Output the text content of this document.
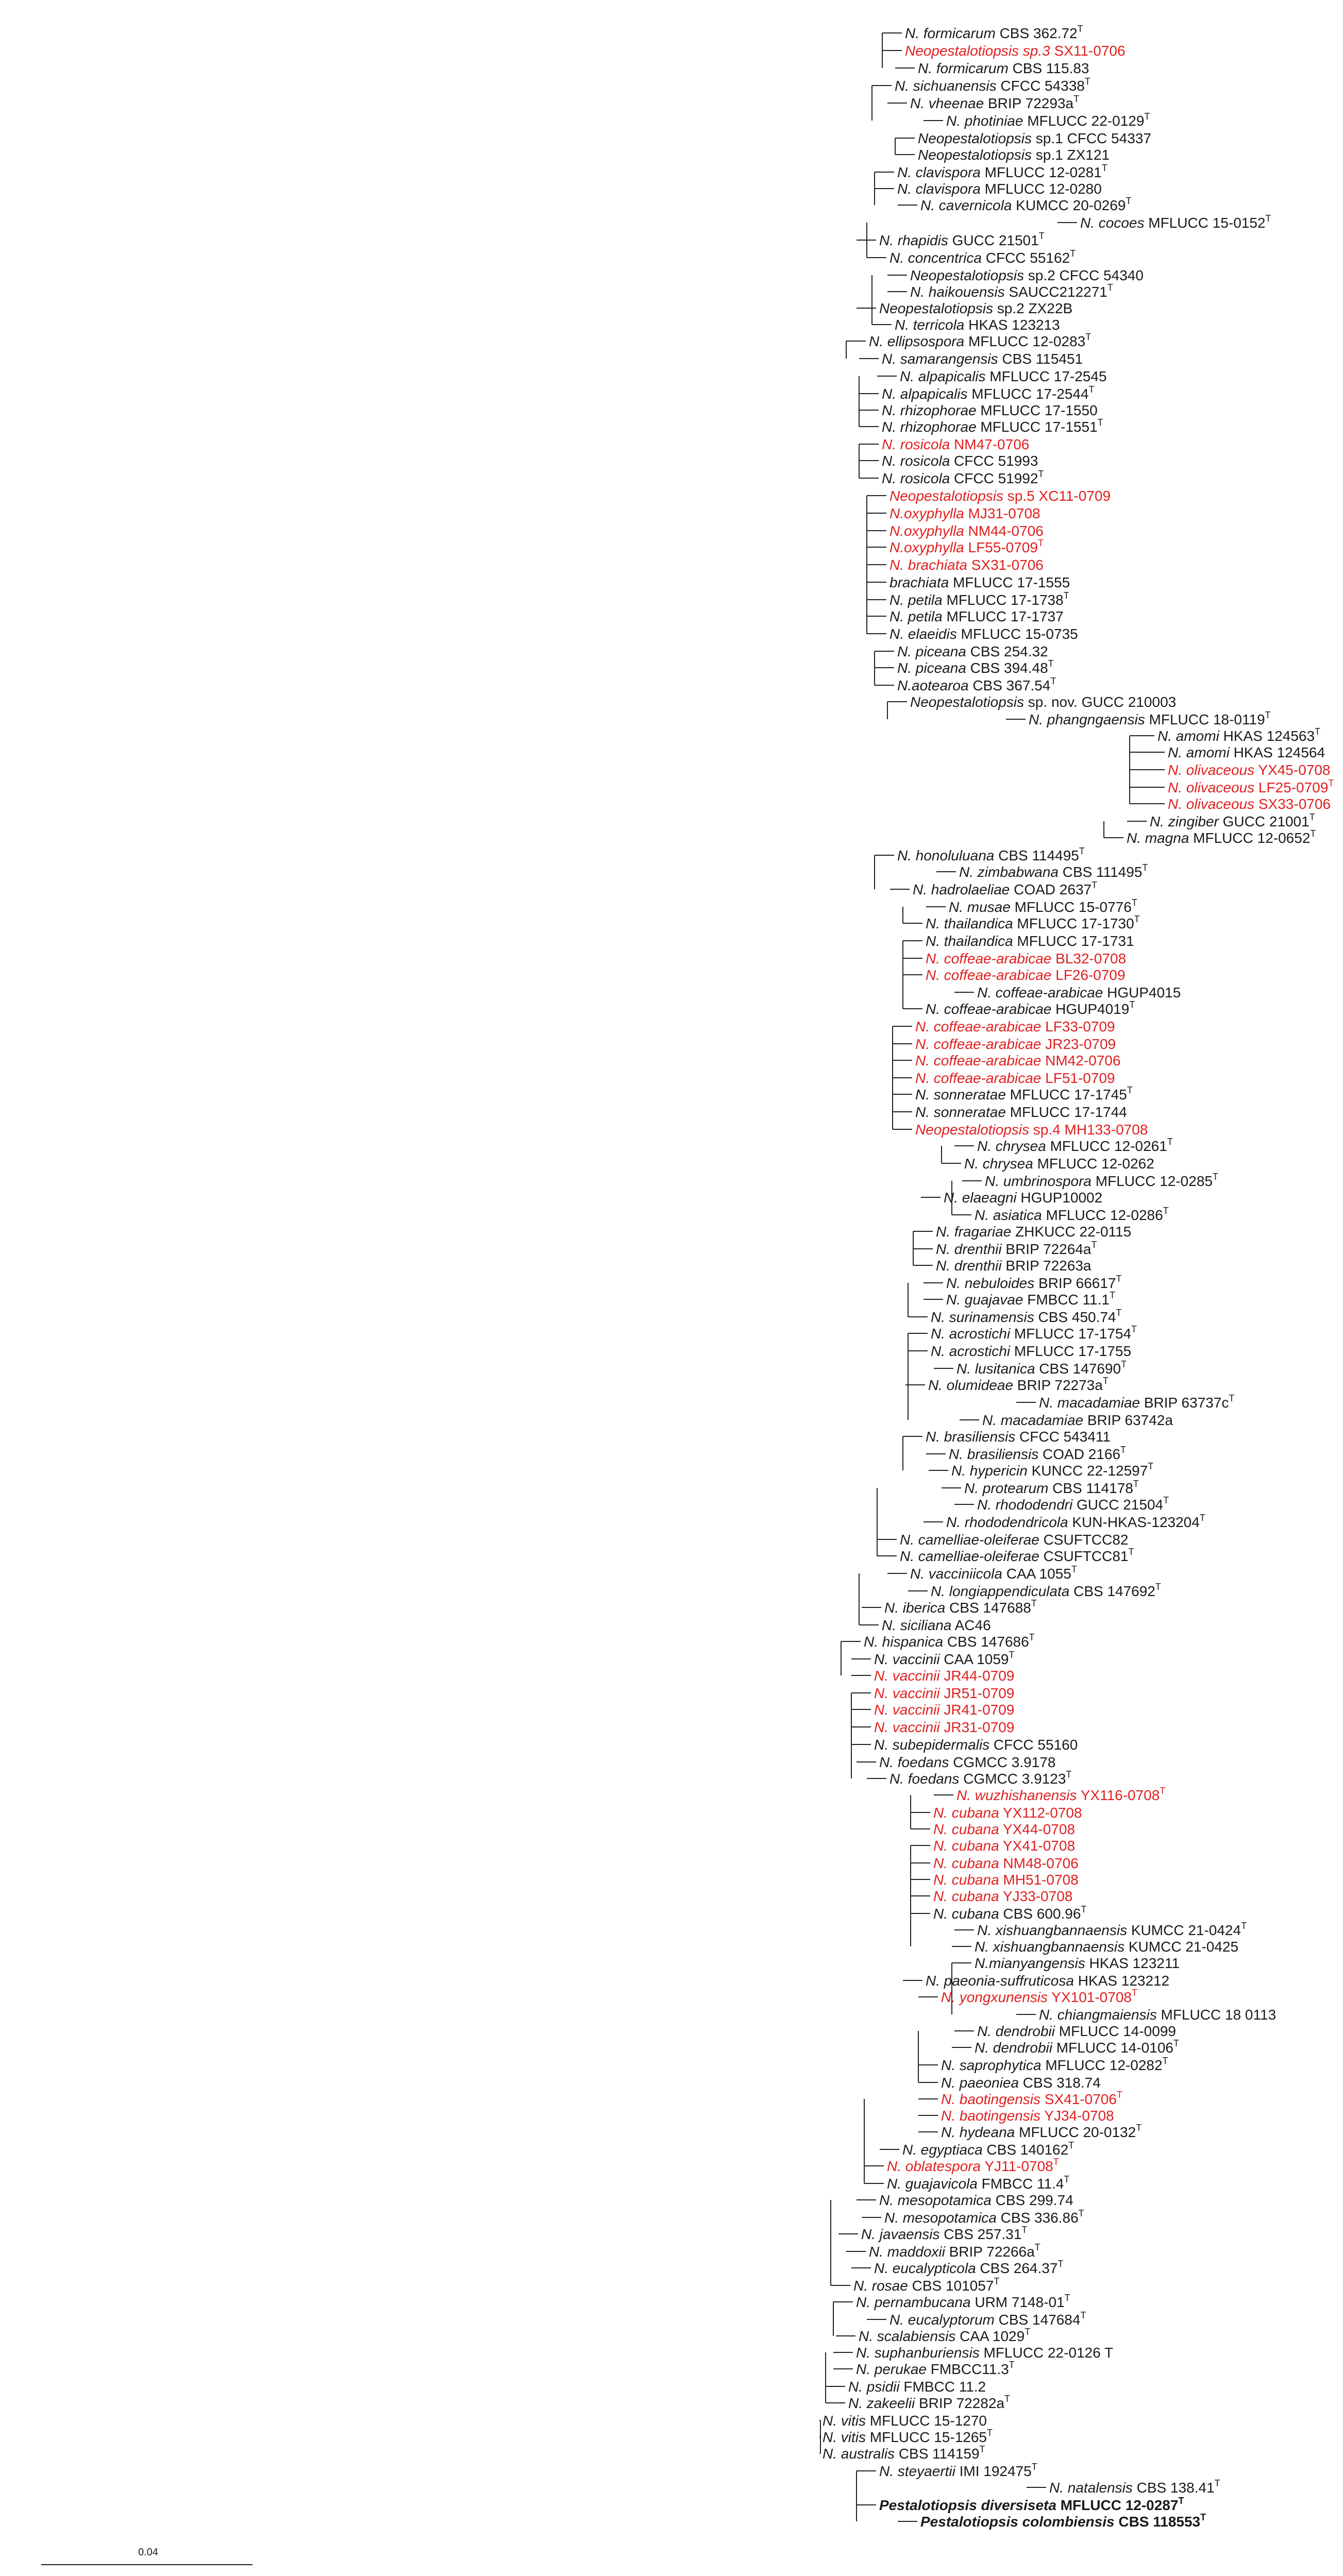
N. formicarum CBS $362.72^T$
Neopestalotiopsis sp.3 SX11-0706
N. formicarum CBS 115.83
N. sichuanensis CFCC $54338^T$
N. vheenae BRIP $72293a^T$
N. photiniae MFLUCC $22-0129^T$
Neopestalotiopsis sp.1 CFCC 54337
Neopestalotiopsis sp.1 ZX121
N. clavispora MFLUCC $12-0281^T$
N. clavispora MFLUCC 12-0280
N. cavernicola KUMCC $20-0269^T$
N. cocoes MFLUCC $15-0152^T$
N. rhapidis GUCC $21501^T$
N. concentrica CFCC $55162^T$
Neopestalotiopsis sp.2 CFCC 54340
N. haikouensis $SAUCC212271^T$
Neopestalotiopsis sp.2 ZX22B
N. terricola HKAS 123213
N. ellipsospora MFLUCC $12-0283^T$
N. samarangensis CBS 115451
N. alpapicalis MFLUCC 17-2545
N. alpapicalis MFLUCC $17-2544^T$
N. rhizophorae MFLUCC 17-1550
N. rhizophorae MFLUCC $17-1551^T$
N. rosicola NM47-0706
N. rosicola CFCC 51993
N. rosicola CFCC $51992^T$
Neopestalotiopsis sp.5 XC11-0709
N.oxyphylla MJ31-0708
N.oxyphylla NM44-0706
N.oxyphylla $LF55-0709^T$
N. brachiata SX31-0706
brachiata MFLUCC 17-1555
N. petila MFLUCC $17-1738^T$
N. petila MFLUCC 17-1737
N. elaeidis MFLUCC 15-0735
N. piceana CBS 254.32
N. piceana CBS $394.48^T$
N.aotearoa CBS $367.54^T$
Neopestalotiopsis sp. nov. GUCC 210003
N. phangngaensis MFLUCC $18-0119^T$
N. amomi HKAS $124563^T$
N. amomi HKAS 124564
N. olivaceous YX45-0708
N. olivaceous $LF25-0709^T$
N. olivaceous SX33-0706
N. zingiber GUCC $21001^T$
N. magna MFLUCC $12-0652^T$
N. honoluluana CBS $114495^T$
N. zimbabwana CBS $111495^T$
N. hadrolaeliae COAD $2637^T$
N. musae MFLUCC $15-0776^T$
N. thailandica MFLUCC $17-1730^T$
N. thailandica MFLUCC 17-1731
N. coffeae-arabicae BL32-0708
N. coffeae-arabicae LF26-0709
N. coffeae-arabicae HGUP4015
N. coffeae-arabicae $HGUP4019^T$
N. coffeae-arabicae LF33-0709
N. coffeae-arabicae JR23-0709
N. coffeae-arabicae NM42-0706
N. coffeae-arabicae LF51-0709
N. sonneratae MFLUCC $17-1745^T$
N. sonneratae MFLUCC 17-1744
Neopestalotiopsis sp.4 MH133-0708
N. chrysea MFLUCC $12-0261^T$
N. chrysea MFLUCC 12-0262
N. umbrinospora MFLUCC $12-0285^T$
N. elaeagni HGUP10002
N. asiatica MFLUCC $12-0286^T$
N. fragariae ZHKUCC 22-0115
N. drenthii BRIP $72264a^T$
N. drenthii BRIP 72263a
N. nebuloides BRIP $66617^T$
N. guajavae FMBCC $11.1^T$
N. surinamensis CBS $450.74^T$
N. acrostichi MFLUCC $17-1754^T$
N. acrostichi MFLUCC 17-1755
N. lusitanica CBS $147690^T$
N. olumideae BRIP $72273a^T$
N. macadamiae BRIP $63737c^T$
N. macadamiae BRIP 63742a
N. brasiliensis CFCC 543411
N. brasiliensis COAD $2166^T$
N. hypericin KUNCC $22-12597^T$
N. protearum CBS $114178^T$
N. rhododendri GUCC $21504^T$
N. rhododendricola KUN-$HKAS-123204^T$
N. camelliae-oleiferae CSUFTCC82
N. camelliae-oleiferae $CSUFTCC81^T$
N. vacciniicola CAA $1055^T$
N. longiappendiculata CBS $147692^T$
N. iberica CBS $147688^T$
N. siciliana AC46
N. hispanica CBS $147686^T$
N. vaccinii CAA $1059^T$
N. vaccinii JR44-0709
N. vaccinii JR51-0709
N. vaccinii JR41-0709
N. vaccinii JR31-0709
N. subepidermalis CFCC 55160
N. foedans CGMCC 3.9178
N. foedans CGMCC $3.9123^T$
N. wuzhishanensis $YX116-0708^T$
N. cubana YX112-0708
N. cubana YX44-0708
N. cubana YX41-0708
N. cubana NM48-0706
N. cubana MH51-0708
N. cubana YJ33-0708
N. cubana CBS $600.96^T$
N. xishuangbannaensis KUMCC $21-0424^T$
N. xishuangbannaensis KUMCC 21-0425
N.mianyangensis HKAS 123211
N. paeonia-suffruticosa HKAS 123212
N. yongxunensis $YX101-0708^T$
N. chiangmaiensis MFLUCC 18 0113
N. dendrobii MFLUCC 14-0099
N. dendrobii MFLUCC $14-0106^T$
N. saprophytica MFLUCC $12-0282^T$
N. paeoniea CBS 318.74
N. baotingensis $SX41-0706^T$
N. baotingensis YJ34-0708
N. hydeana MFLUCC $20-0132^T$
N. egyptiaca CBS $140162^T$
N. oblatespora $YJ11-0708^T$
N. guajavicola FMBCC $11.4^T$
N. mesopotamica CBS 299.74
N. mesopotamica CBS $336.86^T$
N. javaensis CBS $257.31^T$
N. maddoxii BRIP $72266a^T$
N. eucalypticola CBS $264.37^T$
N. rosae CBS $101057^T$
N. pernambucana URM $7148-01^T$
N. eucalyptorum CBS $147684^T$
N. scalabiensis CAA $1029^T$
N. suphanburiensis MFLUCC 22-0126 T
N. perukae $FMBCC11.3^T$
N. psidii FMBCC 11.2
N. zakeelii BRIP $72282a^T$
N. vitis MFLUCC 15-1270
N. vitis MFLUCC $15-1265^T$
N. australis CBS $114159^T$
N. steyaertii IMI $192475^T$
N. natalensis CBS $138.41^T$
Pestalotiopsis diversiseta MFLUCC $12-0287^T$
Pestalotiopsis colombiensis CBS $118553^T$
0.04
